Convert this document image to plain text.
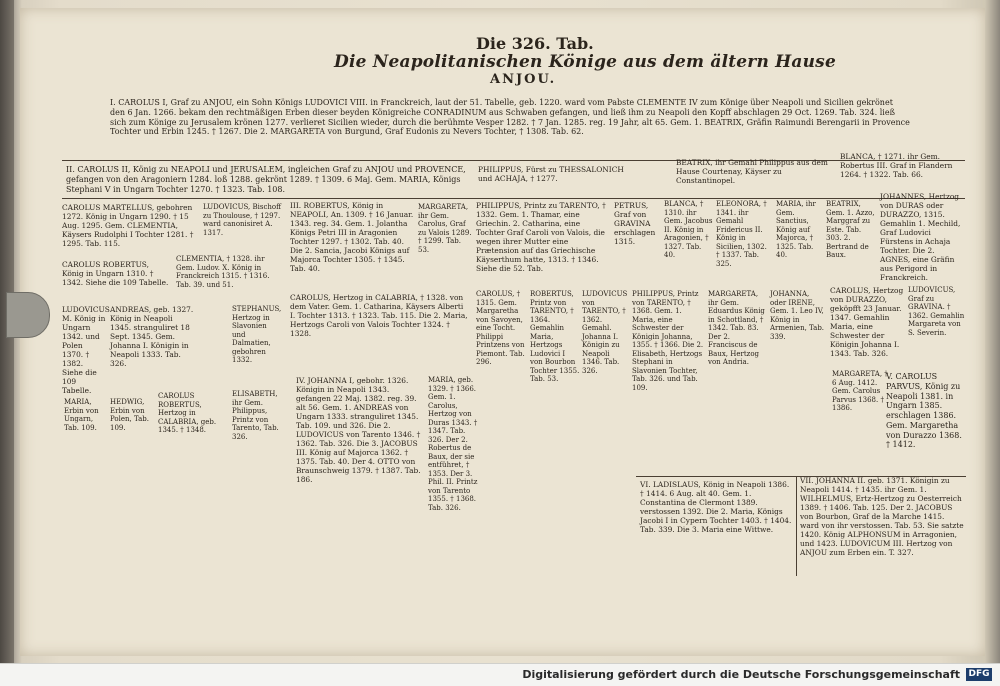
Die 326. Tab.
Die Neapolitanischen Könige aus dem ältern Hause
ANJOU.
I. CAROLUS I, Graf zu ANJOU, ein Sohn Königs LUDOVICI VIII. in Franckreich, laut der 51. Tabelle, geb. 1220. ward vom Pabste CLEMENTE IV zum Könige über Neapoli und Sicilien gekrönet den 6 Jan. 1266. bekam den rechtmäßigen Erben dieser beyden Königreiche CONRADINUM aus Schwaben gefangen, und ließ ihm zu Neapoli den Kopff abschlagen 29 Oct. 1269. Tab. 324. ließ sich zum Könige zu Jerusalem krönen 1277. verlieret Sicilien wieder, durch die berühmte Vesper 1282. † 7 Jan. 1285. reg. 19 Jahr, alt 65. Gem. 1. BEATRIX, Gräfin Raimundi Berengarii in Provence Tochter und Erbin 1245. † 1267. Die 2. MARGARETA von Burgund, Graf Eudonis zu Nevers Tochter, † 1308. Tab. 62.
II. CAROLUS II, König zu NEAPOLI und JERUSALEM, ingleichen Graf zu ANJOU und PROVENCE, gefangen von den Aragoniern 1284. loß 1288. gekrönt 1289. † 1309. 6 Maj. Gem. MARIA, Königs Stephani V in Ungarn Tochter 1270. † 1323. Tab. 108.
PHILIPPUS, Fürst zu THESSALONICH und ACHAJA, † 1277.
BEATRIX, ihr Gemahl Philippus aus dem Hause Courtenay, Käyser zu Constantinopel.
BLANCA, † 1271. ihr Gem. Robertus III. Graf in Flandern 1264. † 1322. Tab. 66.
CAROLUS MARTELLUS, gebohren 1272. König in Ungarn 1290. † 15 Aug. 1295. Gem. CLEMENTIA, Käysers Rudolphi I Tochter 1281. † 1295. Tab. 115.
LUDOVICUS, Bischoff zu Thoulouse, † 1297. ward canonisiret A. 1317.
III. ROBERTUS, König in NEAPOLI, An. 1309. † 16 Januar. 1343. reg. 34. Gem. 1. Jolantha Königs Petri III in Aragonien Tochter 1297. † 1302. Tab. 40. Die 2. Sancia, Jacobi Königs auf Majorca Tochter 1305. † 1345. Tab. 40.
MARGARETA, ihr Gem. Carolus, Graf zu Valois 1289. † 1299. Tab. 53.
PHILIPPUS, Printz zu TARENTO, † 1332. Gem. 1. Thamar, eine Griechin. 2. Catharina, eine Tochter Graf Caroli von Valois, die wegen ihrer Mutter eine Prætension auf das Griechische Käyserthum hatte, 1313. † 1346. Siehe die 52. Tab.
PETRUS, Graf von GRAVINA erschlagen 1315.
BLANCA, † 1310. ihr Gem. Jacobus II. König in Aragonien, † 1327. Tab. 40.
ELEONORA, † 1341. ihr Gemahl Fridericus II. König in Sicilien, 1302. † 1337. Tab. 325.
MARIA, ihr Gem. Sanctius, König auf Majorca, † 1325. Tab. 40.
BEATRIX, Gem. 1. Azzo, Marggraf zu Este. Tab. 303. 2. Bertrand de Baux.
JOHANNES, Hertzog von DURAS oder DURAZZO, 1315. Gemahlin 1. Mechild, Graf Ludovici Fürstens in Achaja Tochter. Die 2. AGNES, eine Gräfin aus Perigord in Franckreich.
CAROLUS ROBERTUS, König in Ungarn 1310. † 1342. Siehe die 109 Tabelle.
CLEMENTIA, † 1328. ihr Gem. Ludov. X. König in Franckreich 1315. † 1316. Tab. 39. und 51.
CAROLUS, Hertzog in CALABRIA, † 1328. von dem Vater. Gem. 1. Catharina, Käysers Alberti I. Tochter 1313. † 1323. Tab. 115. Die 2. Maria, Hertzogs Caroli von Valois Tochter 1324. † 1328.
CAROLUS, Hertzog von DURAZZO, geköpfft 23 Januar. 1347. Gemahlin Maria, eine Schwester der Königin Johanna I. 1343. Tab. 326.
LUDOVICUS, Graf zu GRAVINA. † 1362. Gemahlin Margareta von S. Severin.
LUDOVICUS M. König in Ungarn 1342. und Polen 1370. † 1382. Siehe die 109 Tabelle.
ANDREAS, geb. 1327. König in Neapoli 1345. stranguliret 18 Sept. 1345. Gem. Johanna I. Königin in Neapoli 1333. Tab. 326.
STEPHANUS, Hertzog in Slavonien und Dalmatien, gebohren 1332.
CAROLUS, † 1315. Gem. Margaretha von Savoyen, eine Tocht. Philippi Printzens von Piemont. Tab. 296.
ROBERTUS, Printz von TARENTO, † 1364. Gemahlin Maria, Hertzogs Ludovici I von Bourbon Tochter 1355. Tab. 53.
LUDOVICUS von TARENTO, † 1362. Gemahl. Johanna I. Königin zu Neapoli 1346. Tab. 326.
PHILIPPUS, Printz von TARENTO, † 1368. Gem. 1. Maria, eine Schwester der Königin Johanna, 1355. † 1366. Die 2. Elisabeth, Hertzogs Stephani in Slavonien Tochter, Tab. 326. und Tab. 109.
MARGARETA, ihr Gem. Eduardus König in Schottland, † 1342. Tab. 83. Der 2. Franciscus de Baux, Hertzog von Andria.
JOHANNA, oder IRENE, Gem. 1. Leo IV, König in Armenien, Tab. 339.
MARIA, Erbin von Ungarn, Tab. 109.
HEDWIG, Erbin von Polen, Tab. 109.
CAROLUS ROBERTUS, Hertzog in CALABRIA, geb. 1345. † 1348.
ELISABETH, ihr Gem. Philippus, Printz von Tarento, Tab. 326.
IV. JOHANNA I, gebohr. 1326. Königin in Neapoli 1343. gefangen 22 Maj. 1382. reg. 39. alt 56. Gem. 1. ANDREAS von Ungarn 1333. stranguliret 1345. Tab. 109. und 326. Die 2. LUDOVICUS von Tarento 1346. † 1362. Tab. 326. Die 3. JACOBUS III. König auf Majorca 1362. † 1375. Tab. 40. Der 4. OTTO von Braunschweig 1379. † 1387. Tab. 186.
MARIA, geb. 1329. † 1366. Gem. 1. Carolus, Hertzog von Duras 1343. † 1347. Tab. 326. Der 2. Robertus de Baux, der sie entführet, † 1353. Der 3. Phil. II. Printz von Tarento 1355. † 1368. Tab. 326.
MARGARETA, † 6 Aug. 1412. Gem. Carolus Parvus 1368. † 1386.
V. CAROLUS PARVUS, König zu Neapoli 1381. in Ungarn 1385. erschlagen 1386. Gem. Margaretha von Durazzo 1368. † 1412.
VI. LADISLAUS, König in Neapoli 1386. † 1414. 6 Aug. alt 40. Gem. 1. Constantina de Clermont 1389. verstossen 1392. Die 2. Maria, Königs Jacobi I in Cypern Tochter 1403. † 1404. Tab. 339. Die 3. Maria eine Wittwe.
VII. JOHANNA II. geb. 1371. Königin zu Neapoli 1414. † 1435. ihr Gem. 1. WILHELMUS, Ertz-Hertzog zu Oesterreich 1389. † 1406. Tab. 125. Der 2. JACOBUS von Bourbon, Graf de la Marche 1415. ward von ihr verstossen. Tab. 53. Sie satzte 1420. König ALPHONSUM in Arragonien, und 1423. LUDOVICUM III. Hertzog von ANJOU zum Erben ein. T. 327.
Digitalisierung gefördert durch die Deutsche Forschungsgemeinschaft DFG
